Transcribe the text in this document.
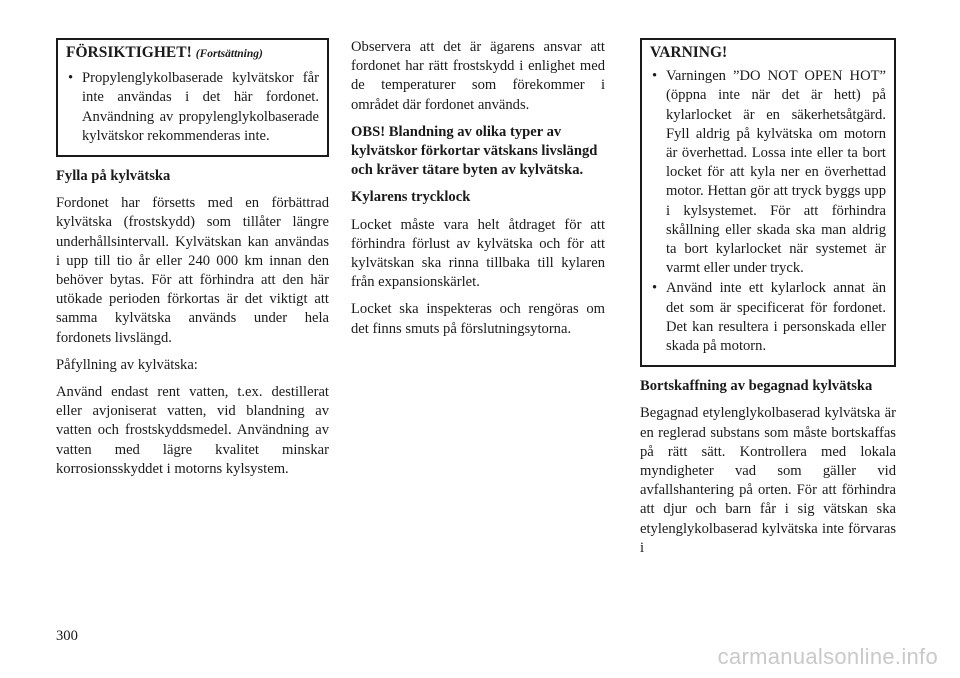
FÖRSIKTIGHET! (Fortsättning)
• Propylenglykolbaserade kylvätskor får inte användas i det här fordonet. Användning av propylenglykolbaserade kylvätskor rekommenderas inte.
Fylla på kylvätska

Fordonet har försetts med en förbättrad kylvätska (frostskydd) som tillåter längre underhållsintervall. Kylvätskan kan användas i upp till tio år eller 240 000 km innan den behöver bytas. För att förhindra att den här utökade perioden förkortas är det viktigt att samma kylvätska används under hela fordonets livslängd.

Påfyllning av kylvätska:

Använd endast rent vatten, t.ex. destillerat eller avjoniserat vatten, vid blandning av vatten och frostskyddsmedel. Användning av vatten med lägre kvalitet minskar korrosionsskyddet i motorns kylsystem.

Observera att det är ägarens ansvar att fordonet har rätt frostskydd i enlighet med de temperaturer som förekommer i området där fordonet används.

OBS! Blandning av olika typer av kylvätskor förkortar vätskans livslängd och kräver tätare byten av kylvätska.

Kylarens trycklock

Locket måste vara helt åtdraget för att förhindra förlust av kylvätska och för att kylvätskan ska rinna tillbaka till kylaren från expansionskärlet.

Locket ska inspekteras och rengöras om det finns smuts på förslutningsytorna.

VARNING!
• Varningen ”DO NOT OPEN HOT” (öppna inte när det är hett) på kylarlocket är en säkerhetsåtgärd. Fyll aldrig på kylvätska om motorn är överhettad. Lossa inte eller ta bort locket för att kyla ner en överhettad motor. Hettan gör att tryck byggs upp i kylsystemet. För att förhindra skållning eller skada ska man aldrig ta bort kylarlocket när systemet är varmt eller under tryck.
• Använd inte ett kylarlock annat än det som är specificerat för fordonet. Det kan resultera i personskada eller skada på motorn.
Bortskaffning av begagnad kylvätska

Begagnad etylenglykolbaserad kylvätska är en reglerad substans som måste bortskaffas på rätt sätt. Kontrollera med lokala myndigheter vad som gäller vid avfallshantering på orten. För att förhindra att djur och barn får i sig vätskan ska etylenglykolbaserad kylvätska inte förvaras i

300
carmanualsonline.info
